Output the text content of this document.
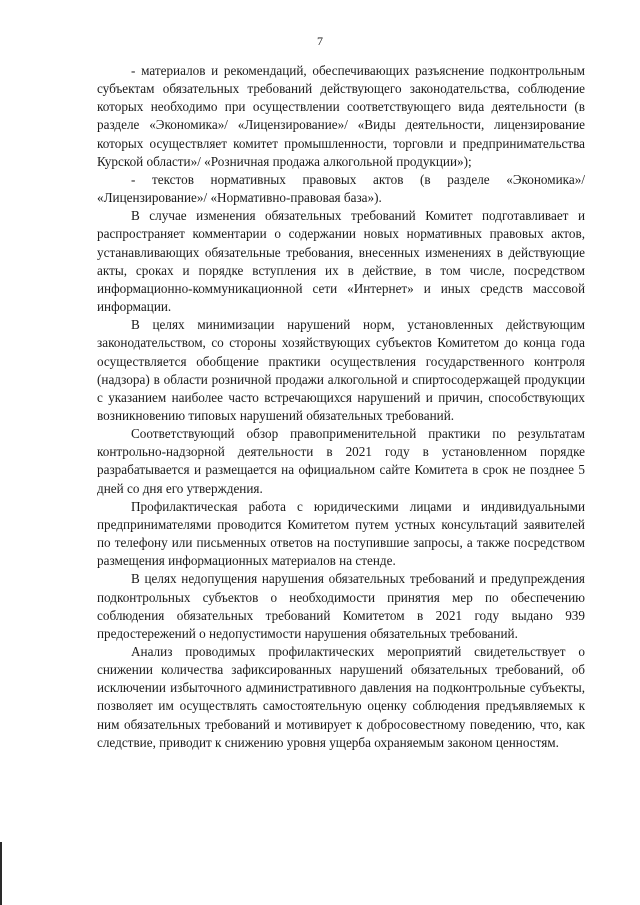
7

- материалов и рекомендаций, обеспечивающих разъяснение подконтрольным субъектам обязательных требований действующего законодательства, соблюдение которых необходимо при осуществлении соответствующего вида деятельности (в разделе «Экономика»/ «Лицензирование»/ «Виды деятельности, лицензирование которых осуществляет комитет промышленности, торговли и предпринимательства Курской области»/ «Розничная продажа алкогольной продукции»);

- текстов нормативных правовых актов (в разделе «Экономика»/ «Лицензирование»/ «Нормативно-правовая база»).

В случае изменения обязательных требований Комитет подготавливает и распространяет комментарии о содержании новых нормативных правовых актов, устанавливающих обязательные требования, внесенных изменениях в действующие акты, сроках и порядке вступления их в действие, в том числе, посредством информационно-коммуникационной сети «Интернет» и иных средств массовой информации.

В целях минимизации нарушений норм, установленных действующим законодательством, со стороны хозяйствующих субъектов Комитетом до конца года осуществляется обобщение практики осуществления государственного контроля (надзора) в области розничной продажи алкогольной и спиртосодержащей продукции с указанием наиболее часто встречающихся нарушений и причин, способствующих возникновению типовых нарушений обязательных требований.

Соответствующий обзор правоприменительной практики по результатам контрольно-надзорной деятельности в 2021 году в установленном порядке разрабатывается и размещается на официальном сайте Комитета в срок не позднее 5 дней со дня его утверждения.

Профилактическая работа с юридическими лицами и индивидуальными предпринимателями проводится Комитетом путем устных консультаций заявителей по телефону или письменных ответов на поступившие запросы, а также посредством размещения информационных материалов на стенде.

В целях недопущения нарушения обязательных требований и предупреждения подконтрольных субъектов о необходимости принятия мер по обеспечению соблюдения обязательных требований Комитетом в 2021 году выдано 939 предостережений о недопустимости нарушения обязательных требований.

Анализ проводимых профилактических мероприятий свидетельствует о снижении количества зафиксированных нарушений обязательных требований, об исключении избыточного административного давления на подконтрольные субъекты, позволяет им осуществлять самостоятельную оценку соблюдения предъявляемых к ним обязательных требований и мотивирует к добросовестному поведению, что, как следствие, приводит к снижению уровня ущерба охраняемым законом ценностям.
